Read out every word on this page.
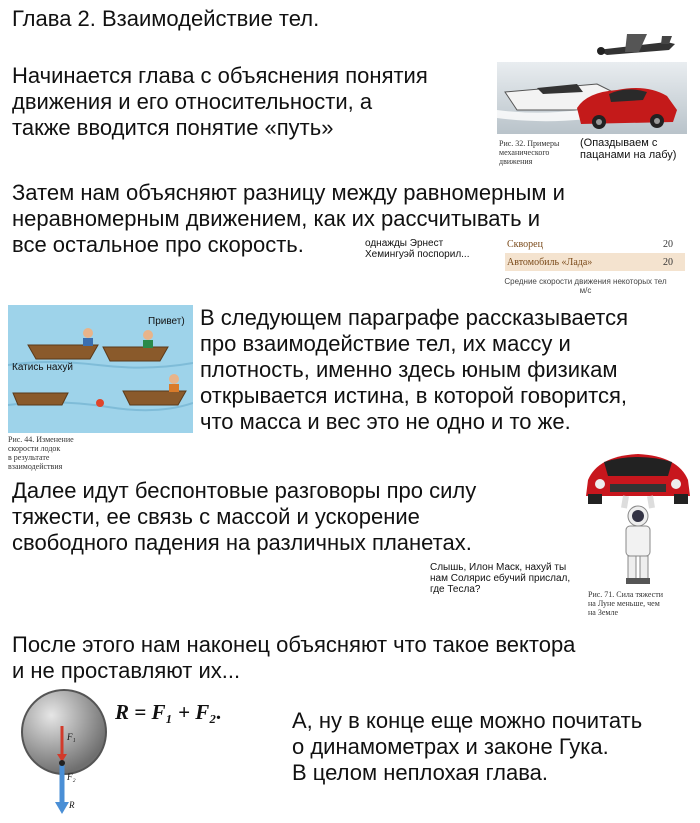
Глава 2. Взаимодействие тел.
Начинается глава с объяснения понятия
движения и его относительности, а
также вводится понятие «путь»
Рис. 32. Примеры
механического
движения
(Опаздываем с
пацанами на лабу)
Затем нам объясняют разницу между равномерным и
неравномерным движением, как их рассчитывать и
все остальное про скорость.	однажды Эрнест
Хемингуэй поспорил...
Скворец	20
Автомобиль «Лада»	20
Средние скорости движения некоторых тел
м/с
Привет)
Катись нахуй
Рис. 44. Изменение
скорости лодок
в результате
взаимодействия
В следующем параграфе рассказывается
про взаимодействие тел, их массу и
плотность, именно здесь юным физикам
открывается истина, в которой говорится,
что масса и вес это не одно и то же.
Далее идут беспонтовые разговоры про силу
тяжести, ее связь с массой и ускорение
свободного падения на различных планетах.
Слышь, Илон Маск, нахуй ты
нам Солярис ебучий прислал,
где Тесла?	Рис. 71. Сила тяжести
на Луне меньше, чем
на Земле
После этого нам наконец объясняют что такое вектора
и не проставляют их...
F₁
F₂
R
R = F₁ + F₂.	А, ну в конце еще можно почитать
о динамометрах и законе Гука.
В целом неплохая глава.
